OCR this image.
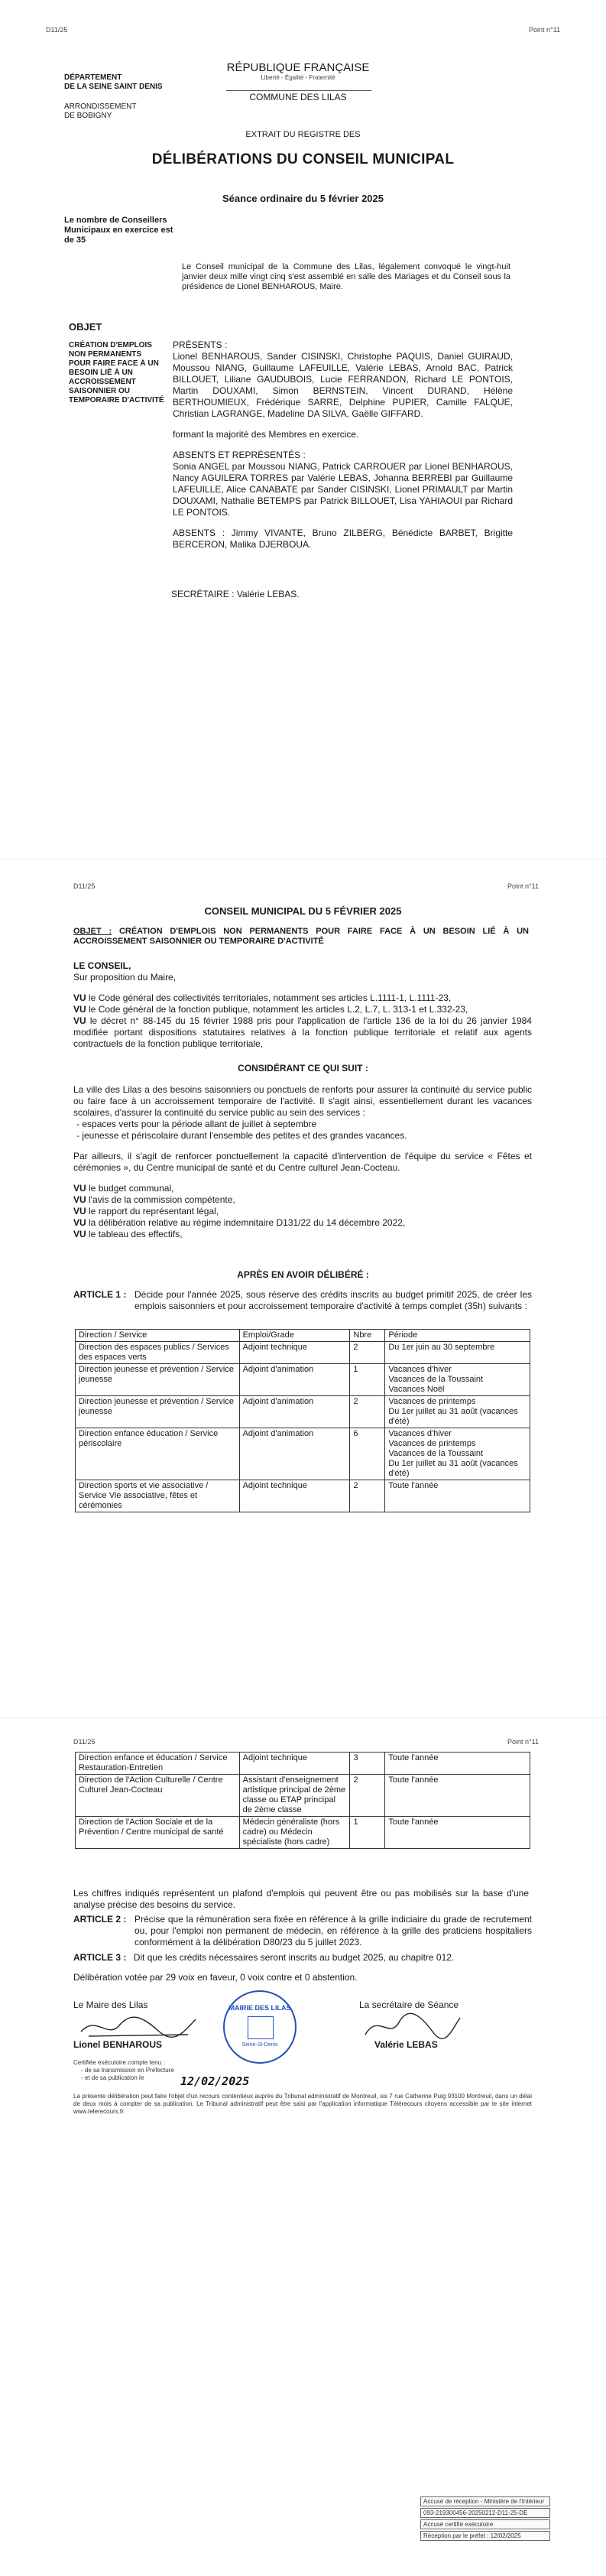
D11/25	Point n°11
DÉPARTEMENT
DE LA SEINE SAINT DENIS
ARRONDISSEMENT
DE BOBIGNY
RÉPUBLIQUE FRANÇAISE
Liberté - Égalité - Fraternité
COMMUNE DES LILAS
EXTRAIT DU REGISTRE DES
DÉLIBÉRATIONS DU CONSEIL MUNICIPAL
Séance ordinaire du 5 février 2025
Le nombre de Conseillers Municipaux en exercice est de 35
Le Conseil municipal de la Commune des Lilas, légalement convoqué le vingt-huit janvier deux mille vingt cinq s'est assemblé en salle des Mariages et du Conseil sous la présidence de Lionel BENHAROUS, Maire.
OBJET
CRÉATION D'EMPLOIS NON PERMANENTS POUR FAIRE FACE À UN BESOIN LIÉ À UN ACCROISSEMENT SAISONNIER OU TEMPORAIRE D'ACTIVITÉ
PRÉSENTS :
Lionel BENHAROUS, Sander CISINSKI, Christophe PAQUIS, Daniel GUIRAUD, Moussou NIANG, Guillaume LAFEUILLE, Valérie LEBAS, Arnold BAC, Patrick BILLOUET, Liliane GAUDUBOIS, Lucie FERRANDON, Richard LE PONTOIS, Martin DOUXAMI, Simon BERNSTEIN, Vincent DURAND, Hélène BERTHOUMIEUX, Frédérique SARRE, Delphine PUPIER, Camille FALQUE, Christian LAGRANGE, Madeline DA SILVA, Gaëlle GIFFARD.
formant la majorité des Membres en exercice.
ABSENTS ET REPRÉSENTÉS :
Sonia ANGEL par Moussou NIANG, Patrick CARROUER par Lionel BENHAROUS, Nancy AGUILERA TORRES par Valérie LEBAS, Johanna BERREBI par Guillaume LAFEUILLE, Alice CANABATE par Sander CISINSKI, Lionel PRIMAULT par Martin DOUXAMI, Nathalie BETEMPS par Patrick BILLOUET, Lisa YAHIAOUI par Richard LE PONTOIS.
ABSENTS : Jimmy VIVANTE, Bruno ZILBERG, Bénédicte BARBET, Brigitte BERCERON, Malika DJERBOUA.
SECRÉTAIRE : Valérie LEBAS.
D11/25	Point n°11
CONSEIL MUNICIPAL DU 5 FÉVRIER 2025
OBJET : CRÉATION D'EMPLOIS NON PERMANENTS POUR FAIRE FACE À UN BESOIN LIÉ À UN ACCROISSEMENT SAISONNIER OU TEMPORAIRE D'ACTIVITÉ
LE CONSEIL,
Sur proposition du Maire,
VU le Code général des collectivités territoriales, notamment ses articles L.1111-1, L.1111-23,
VU le Code général de la fonction publique, notamment les articles L.2, L.7, L. 313-1 et L.332-23,
VU le décret n° 88-145 du 15 février 1988 pris pour l'application de l'article 136 de la loi du 26 janvier 1984 modifiée portant dispositions statutaires relatives à la fonction publique territoriale et relatif aux agents contractuels de la fonction publique territoriale,
CONSIDÉRANT CE QUI SUIT :
La ville des Lilas a des besoins saisonniers ou ponctuels de renforts pour assurer la continuité du service public ou faire face à un accroissement temporaire de l'activité. Il s'agit ainsi, essentiellement durant les vacances scolaires, d'assurer la continuité du service public au sein des services :
- espaces verts pour la période allant de juillet à septembre
- jeunesse et périscolaire durant l'ensemble des petites et des grandes vacances.
Par ailleurs, il s'agit de renforcer ponctuellement la capacité d'intervention de l'équipe du service « Fêtes et cérémonies », du Centre municipal de santé et du Centre culturel Jean-Cocteau.
VU le budget communal,
VU l'avis de la commission compétente,
VU le rapport du représentant légal,
VU la délibération relative au régime indemnitaire D131/22 du 14 décembre 2022,
VU le tableau des effectifs,
APRÈS EN AVOIR DÉLIBÉRÉ :
ARTICLE 1 : Décide pour l'année 2025, sous réserve des crédits inscrits au budget primitif 2025, de créer les emplois saisonniers et pour accroissement temporaire d'activité à temps complet (35h) suivants :
Direction / Service	Emploi/Grade	Nbre	Période
Direction des espaces publics / Services des espaces verts	Adjoint technique	2	Du 1er juin au 30 septembre
Direction jeunesse et prévention / Service jeunesse	Adjoint d'animation	1	Vacances d'hiver
Vacances de la Toussaint
Vacances Noël
Direction jeunesse et prévention / Service jeunesse	Adjoint d'animation	2	Vacances de printemps
Du 1er juillet au 31 août (vacances d'été)
Direction enfance éducation / Service périscolaire	Adjoint d'animation	6	Vacances d'hiver
Vacances de printemps
Vacances de la Toussaint
Du 1er juillet au 31 août (vacances d'été)
Direction sports et vie associative / Service Vie associative, fêtes et cérémonies	Adjoint technique	2	Toute l'année
D11/25	Point n°11
Direction enfance et éducation / Service Restauration-Entretien	Adjoint technique	3	Toute l'année
Direction de l'Action Culturelle / Centre Culturel Jean-Cocteau	Assistant d'enseignement artistique principal de 2ème classe ou ETAP principal de 2ème classe	2	Toute l'année
Direction de l'Action Sociale et de la Prévention / Centre municipal de santé	Médecin généraliste (hors cadre) ou Médecin spécialiste (hors cadre)	1	Toute l'année
Les chiffres indiqués représentent un plafond d'emplois qui peuvent être ou pas mobilisés sur la base d'une analyse précise des besoins du service.
ARTICLE 2 : Précise que la rémunération sera fixée en référence à la grille indiciaire du grade de recrutement ou, pour l'emploi non permanent de médecin, en référence à la grille des praticiens hospitaliers conformément à la délibération D80/23 du 5 juillet 2023.
ARTICLE 3 : Dit que les crédits nécessaires seront inscrits au budget 2025, au chapitre 012.
Délibération votée par 29 voix en faveur, 0 voix contre et 0 abstention.
Le Maire des Lilas
Lionel BENHAROUS
MAIRIE DES LILAS
Seine-St-Denis
La secrétaire de Séance
Valérie LEBAS
Certifiée exécutoire compte tenu :
- de sa transmission en Préfecture
- et de sa publication le	12/02/2025
La présente délibération peut faire l'objet d'un recours contentieux auprès du Tribunal administratif de Montreuil, sis 7 rue Catherine Puig 93100 Montreuil, dans un délai de deux mois à compter de sa publication. Le Tribunal administratif peut être saisi par l'application informatique Télérecours citoyens accessible par le site internet www.telerecours.fr.
Accusé de réception - Ministère de l'Intérieur
093-219300456-20250212-D11-25-DE
Accusé certifié exécutoire
Réception par le préfet : 12/02/2025
